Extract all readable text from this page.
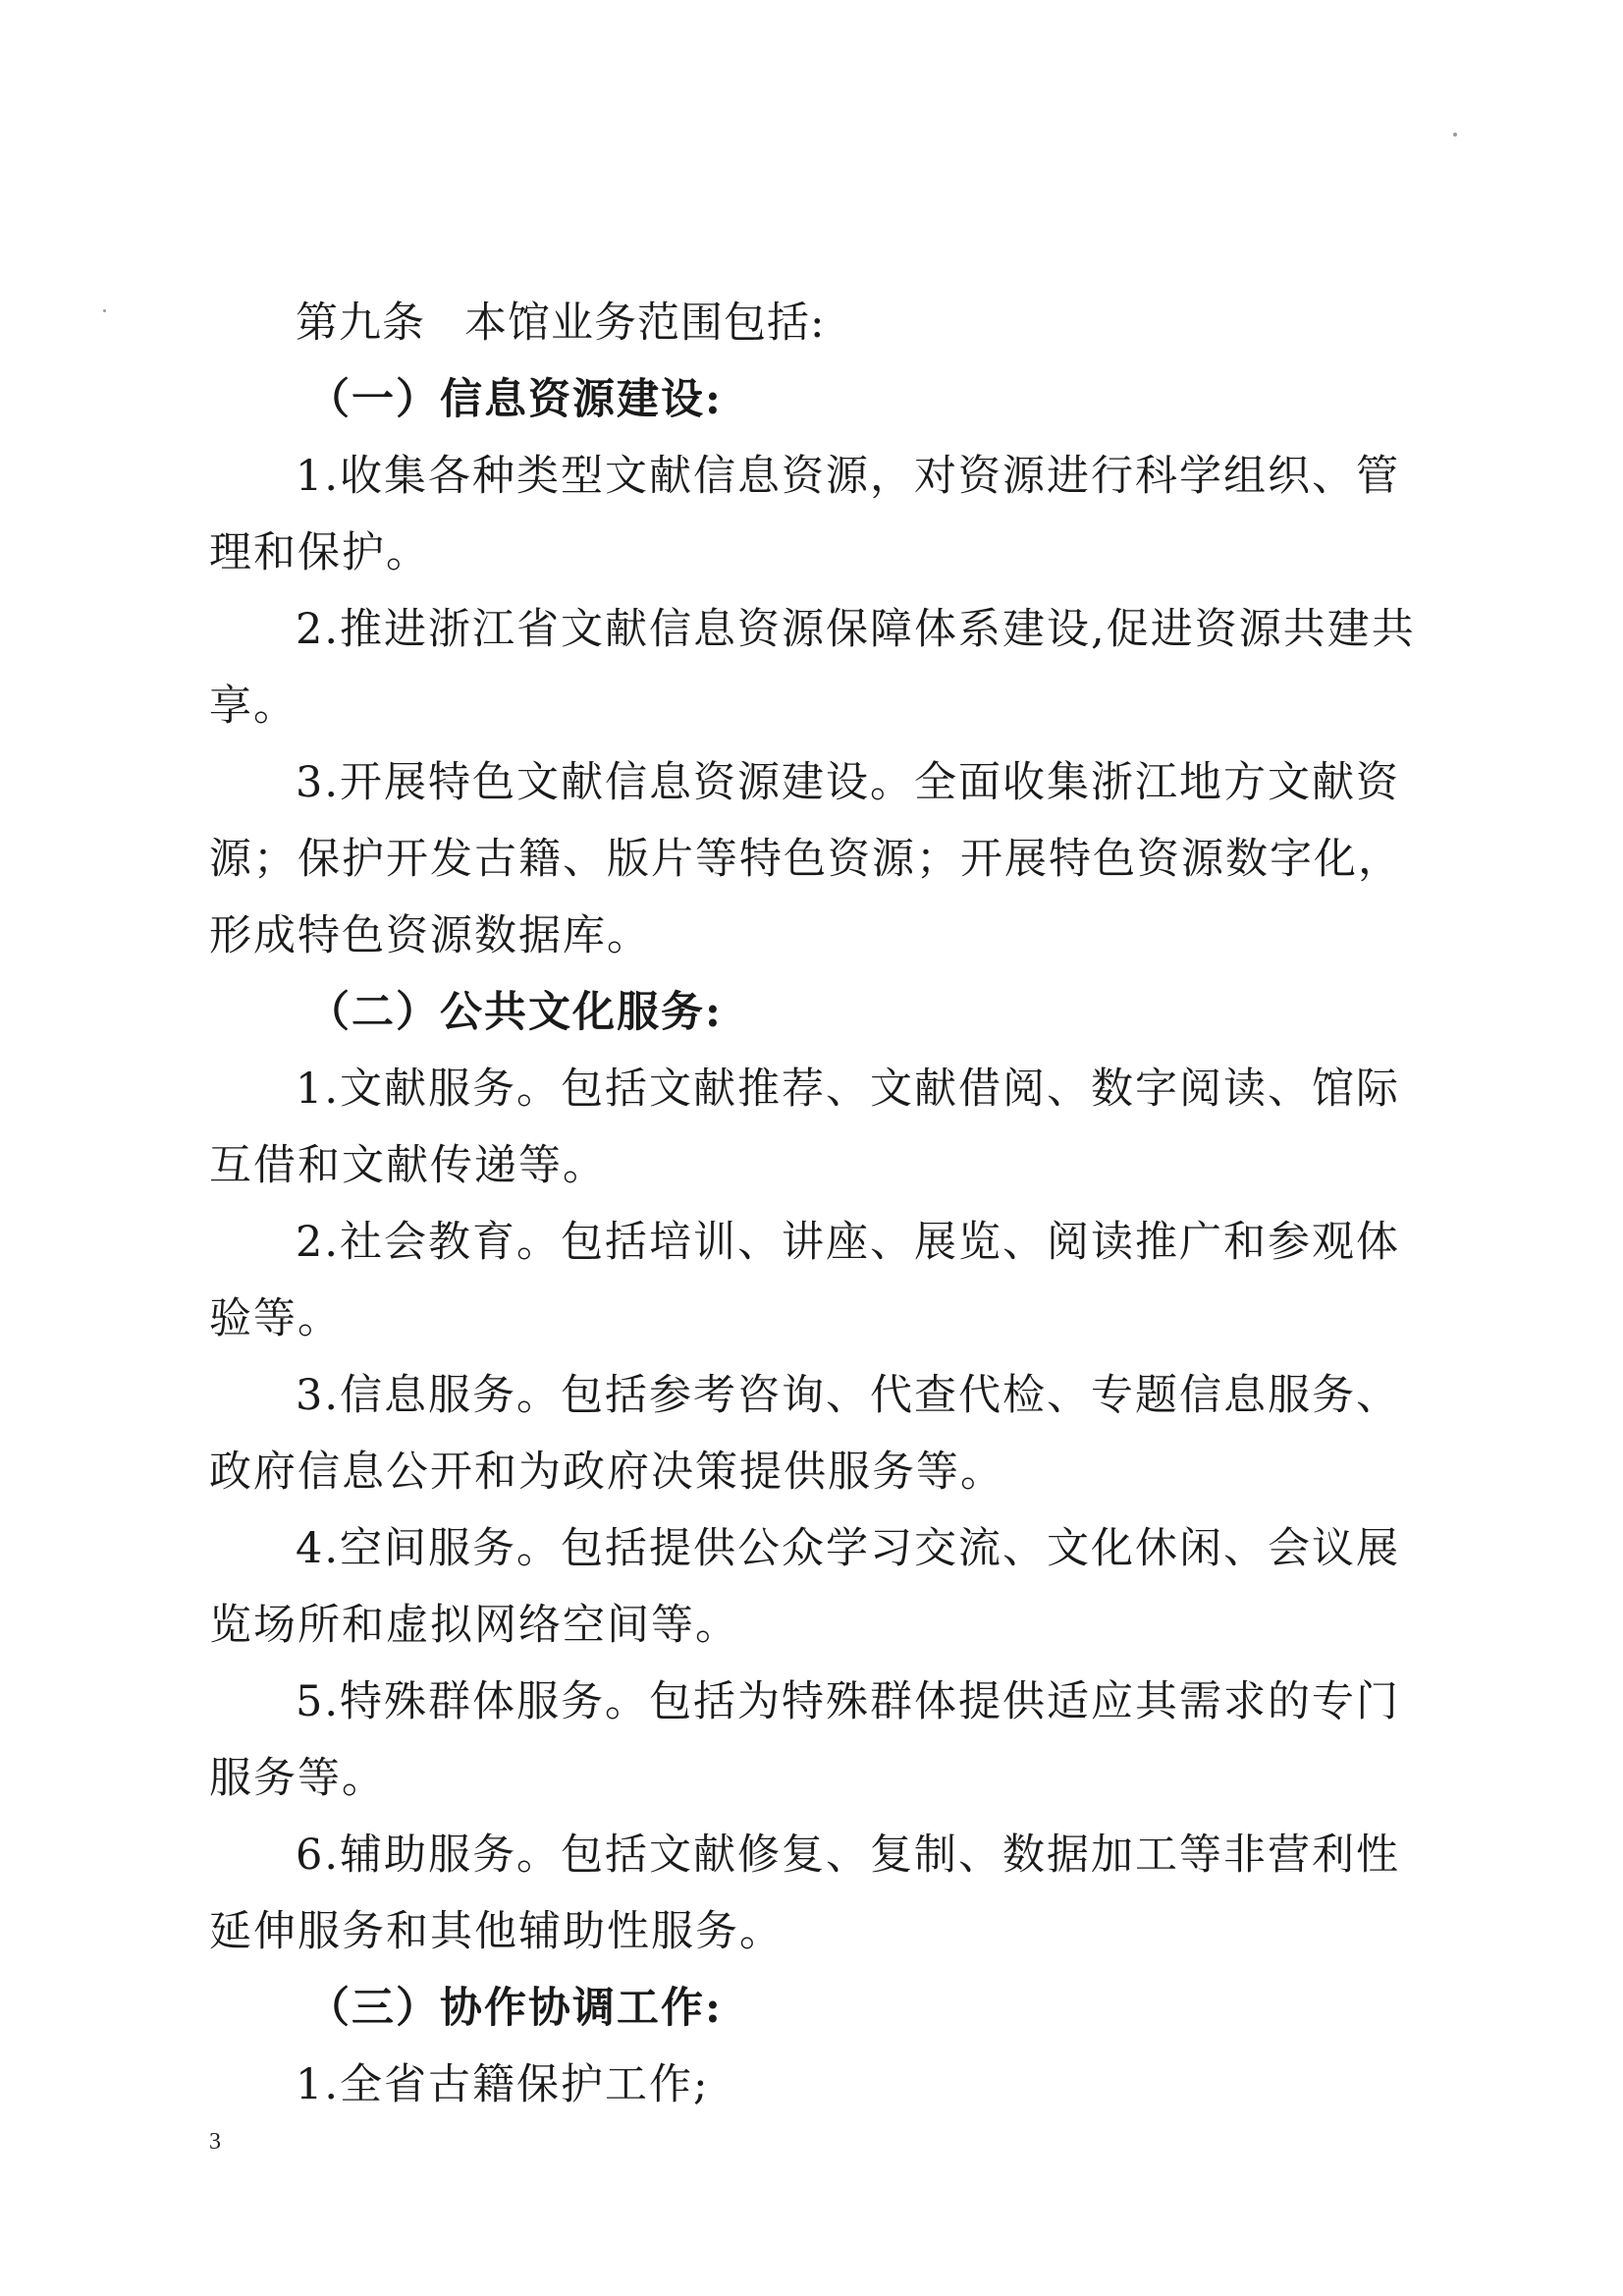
第九条 本馆业务范围包括:

（一）信息资源建设:

1.收集各种类型文献信息资源，对资源进行科学组织、管理和保护。

2.推进浙江省文献信息资源保障体系建设,促进资源共建共享。

3.开展特色文献信息资源建设。全面收集浙江地方文献资源；保护开发古籍、版片等特色资源；开展特色资源数字化，形成特色资源数据库。

（二）公共文化服务:

1.文献服务。包括文献推荐、文献借阅、数字阅读、馆际互借和文献传递等。

2.社会教育。包括培训、讲座、展览、阅读推广和参观体验等。

3.信息服务。包括参考咨询、代查代检、专题信息服务、政府信息公开和为政府决策提供服务等。

4.空间服务。包括提供公众学习交流、文化休闲、会议展览场所和虚拟网络空间等。

5.特殊群体服务。包括为特殊群体提供适应其需求的专门服务等。

6.辅助服务。包括文献修复、复制、数据加工等非营利性延伸服务和其他辅助性服务。

（三）协作协调工作:

1.全省古籍保护工作;

3
